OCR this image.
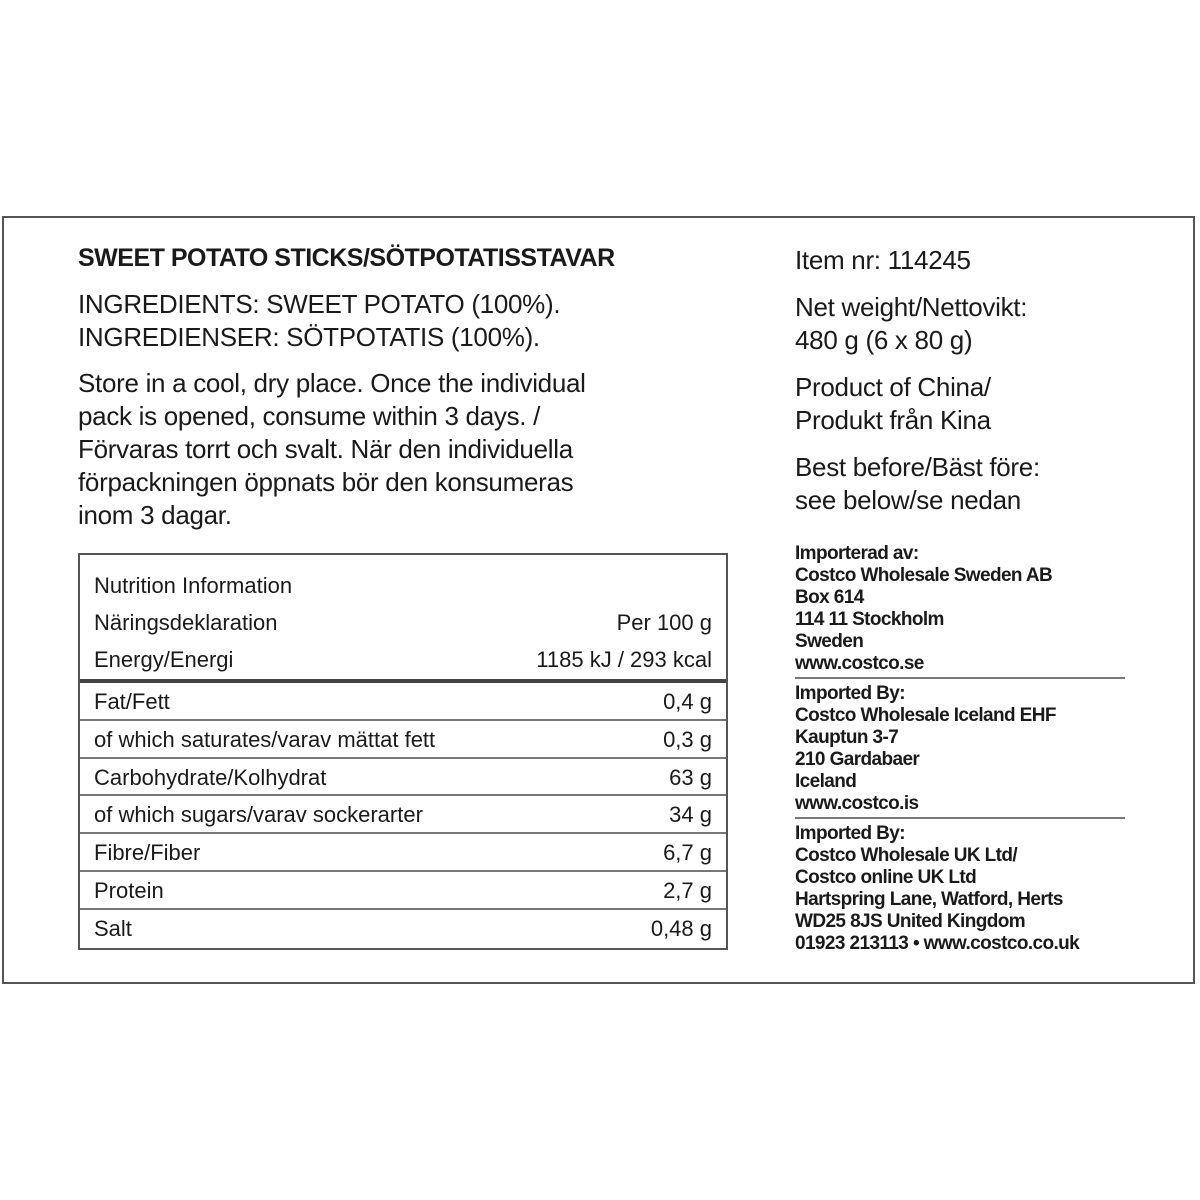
SWEET POTATO STICKS/SÖTPOTATISSTAVAR
INGREDIENTS: SWEET POTATO (100%).
INGREDIENSER: SÖTPOTATIS (100%).
Store in a cool, dry place. Once the individual
pack is opened, consume within 3 days. /
Förvaras torrt och svalt. När den individuella
förpackningen öppnats bör den konsumeras
inom 3 dagar.
Nutrition Information
Näringsdeklaration	Per 100 g
Energy/Energi	1185 kJ / 293 kcal
Fat/Fett	0,4 g
of which saturates/varav mättat fett	0,3 g
Carbohydrate/Kolhydrat	63 g
of which sugars/varav sockerarter	34 g
Fibre/Fiber	6,7 g
Protein	2,7 g
Salt	0,48 g
Item nr: 114245
Net weight/Nettovikt:
480 g (6 x 80 g)
Product of China/
Produkt från Kina
Best before/Bäst före:
see below/se nedan
Importerad av:
Costco Wholesale Sweden AB
Box 614
114 11 Stockholm
Sweden
www.costco.se
Imported By:
Costco Wholesale Iceland EHF
Kauptun 3-7
210 Gardabaer
Iceland
www.costco.is
Imported By:
Costco Wholesale UK Ltd/
Costco online UK Ltd
Hartspring Lane, Watford, Herts
WD25 8JS United Kingdom
01923 213113 • www.costco.co.uk
